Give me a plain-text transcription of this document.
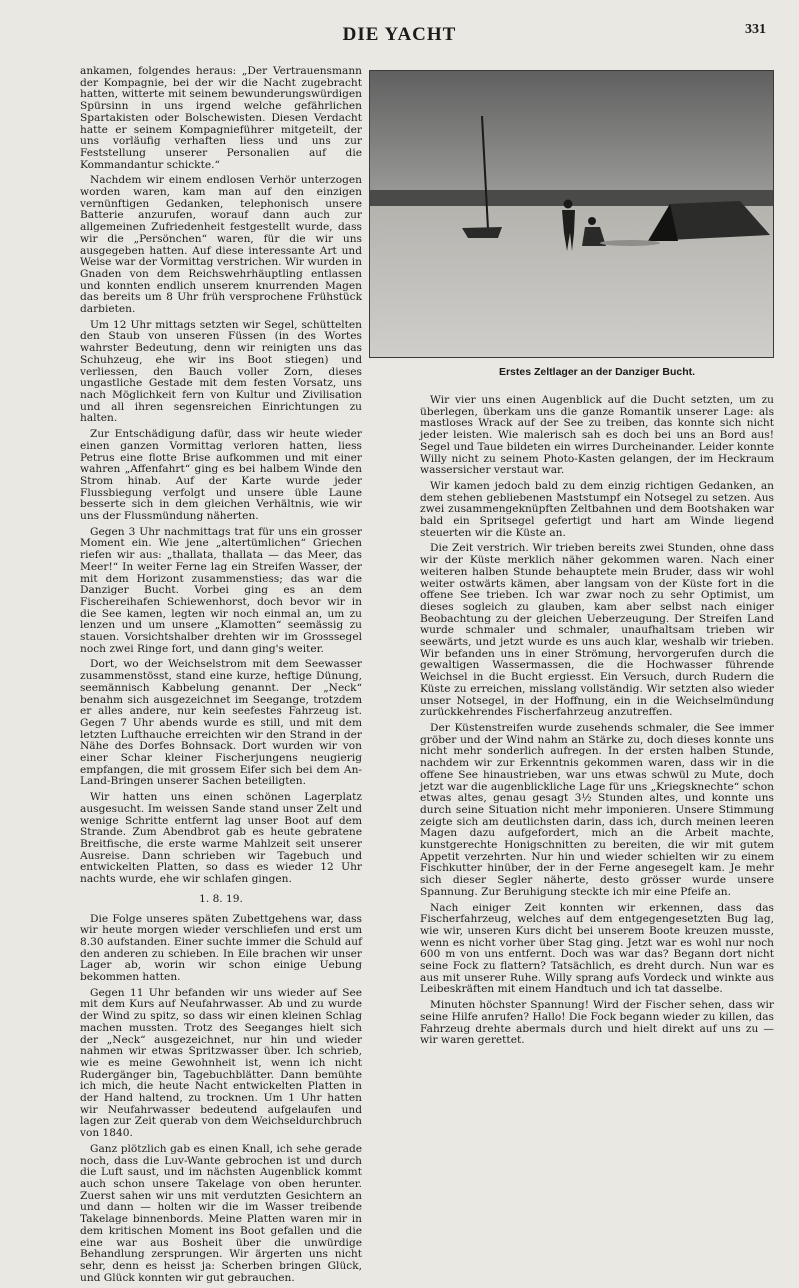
DIE YACHT	331

ankamen, folgendes heraus: „Der Vertrauensmann der Kompagnie, bei der wir die Nacht zugebracht hatten, witterte mit seinem bewunderungswürdigen Spürsinn in uns irgend welche gefährlichen Spartakisten oder Bolschewisten. Diesen Verdacht hatte er seinem Kompagnieführer mitgeteilt, der uns vorläufig verhaften liess und uns zur Feststellung unserer Personalien auf die Kommandantur schickte.“

Nachdem wir einem endlosen Verhör unterzogen worden waren, kam man auf den einzigen vernünftigen Gedanken, telephonisch unsere Batterie anzurufen, worauf dann auch zur allgemeinen Zufriedenheit festgestellt wurde, dass wir die „Persönchen“ waren, für die wir uns ausgegeben hatten. Auf diese interessante Art und Weise war der Vormittag verstrichen. Wir wurden in Gnaden von dem Reichswehrhäuptling entlassen und konnten endlich unserem knurrenden Magen das bereits um 8 Uhr früh versprochene Frühstück darbieten.

Um 12 Uhr mittags setzten wir Segel, schüttelten den Staub von unseren Füssen (in des Wortes wahrster Bedeutung, denn wir reinigten uns das Schuhzeug, ehe wir ins Boot stiegen) und verliessen, den Bauch voller Zorn, dieses ungastliche Gestade mit dem festen Vorsatz, uns nach Möglichkeit fern von Kultur und Zivilisation und all ihren segensreichen Einrichtungen zu halten.

Zur Entschädigung dafür, dass wir heute wieder einen ganzen Vormittag verloren hatten, liess Petrus eine flotte Brise aufkommen und mit einer wahren „Affenfahrt“ ging es bei halbem Winde den Strom hinab. Auf der Karte wurde jeder Flussbiegung verfolgt und unsere üble Laune besserte sich in dem gleichen Verhältnis, wie wir uns der Flussmündung näherten.

Gegen 3 Uhr nachmittags trat für uns ein grosser Moment ein. Wie jene „altertümlichen“ Griechen riefen wir aus: „thallata, thallata — das Meer, das Meer!“ In weiter Ferne lag ein Streifen Wasser, der mit dem Horizont zusammenstiess; das war die Danziger Bucht. Vorbei ging es an dem Fischereihafen Schiewenhorst, doch bevor wir in die See kamen, legten wir noch einmal an, um zu lenzen und um unsere „Klamotten“ seemässig zu stauen. Vorsichtshalber drehten wir im Grosssegel noch zwei Ringe fort, und dann ging's weiter.

Dort, wo der Weichselstrom mit dem Seewasser zusammenstösst, stand eine kurze, heftige Dünung, seemännisch Kabbelung genannt. Der „Neck“ benahm sich ausgezeichnet im Seegange, trotzdem er alles andere, nur kein seefestes Fahrzeug ist. Gegen 7 Uhr abends wurde es still, und mit dem letzten Lufthauche erreichten wir den Strand in der Nähe des Dorfes Bohnsack. Dort wurden wir von einer Schar kleiner Fischerjungens neugierig empfangen, die mit grossem Eifer sich bei dem An-Land-Bringen unserer Sachen beteiligten.

Wir hatten uns einen schönen Lagerplatz ausgesucht. Im weissen Sande stand unser Zelt und wenige Schritte entfernt lag unser Boot auf dem Strande. Zum Abendbrot gab es heute gebratene Breitfische, die erste warme Mahlzeit seit unserer Ausreise. Dann schrieben wir Tagebuch und entwickelten Platten, so dass es wieder 12 Uhr nachts wurde, ehe wir schlafen gingen.

1. 8. 19.

Die Folge unseres späten Zubettgehens war, dass wir heute morgen wieder verschliefen und erst um 8.30 aufstanden. Einer suchte immer die Schuld auf den anderen zu schieben. In Eile brachen wir unser Lager ab, worin wir schon einige Uebung bekommen hatten.

Gegen 11 Uhr befanden wir uns wieder auf See mit dem Kurs auf Neufahrwasser. Ab und zu wurde der Wind zu spitz, so dass wir einen kleinen Schlag machen mussten. Trotz des Seeganges hielt sich der „Neck“ ausgezeichnet, nur hin und wieder nahmen wir etwas Spritzwasser über. Ich schrieb, wie es meine Gewohnheit ist, wenn ich nicht Rudergänger bin, Tagebuchblätter. Dann bemühte ich mich, die heute Nacht entwickelten Platten in der Hand haltend, zu trocknen. Um 1 Uhr hatten wir Neufahrwasser bedeutend aufgelaufen und lagen zur Zeit querab von dem Weichseldurchbruch von 1840.

Ganz plötzlich gab es einen Knall, ich sehe gerade noch, dass die Luv-Wante gebrochen ist und durch die Luft saust, und im nächsten Augenblick kommt auch schon unsere Takelage von oben herunter. Zuerst sahen wir uns mit verdutzten Gesichtern an und dann — holten wir die im Wasser treibende Takelage binnenbords. Meine Platten waren mir in dem kritischen Moment ins Boot gefallen und die eine war aus Bosheit über die unwürdige Behandlung zersprungen. Wir ärgerten uns nicht sehr, denn es heisst ja: Scherben bringen Glück, und Glück konnten wir gut gebrauchen.

Erstes Zeltlager an der Danziger Bucht.

Wir vier uns einen Augenblick auf die Ducht setzten, um zu überlegen, überkam uns die ganze Romantik unserer Lage: als mastloses Wrack auf der See zu treiben, das konnte sich nicht jeder leisten. Wie malerisch sah es doch bei uns an Bord aus! Segel und Taue bildeten ein wirres Durcheinander. Leider konnte Willy nicht zu seinem Photo-Kasten gelangen, der im Heckraum wassersicher verstaut war.

Wir kamen jedoch bald zu dem einzig richtigen Gedanken, an dem stehen gebliebenen Maststumpf ein Notsegel zu setzen. Aus zwei zusammengeknüpften Zeltbahnen und dem Bootshaken war bald ein Spritsegel gefertigt und hart am Winde liegend steuerten wir die Küste an.

Die Zeit verstrich. Wir trieben bereits zwei Stunden, ohne dass wir der Küste merklich näher gekommen waren. Nach einer weiteren halben Stunde behauptete mein Bruder, dass wir wohl weiter ostwärts kämen, aber langsam von der Küste fort in die offene See trieben. Ich war zwar noch zu sehr Optimist, um dieses sogleich zu glauben, kam aber selbst nach einiger Beobachtung zu der gleichen Ueberzeugung. Der Streifen Land wurde schmaler und schmaler, unaufhaltsam trieben wir seewärts, und jetzt wurde es uns auch klar, weshalb wir trieben. Wir befanden uns in einer Strömung, hervorgerufen durch die gewaltigen Wassermassen, die die Hochwasser führende Weichsel in die Bucht ergiesst. Ein Versuch, durch Rudern die Küste zu erreichen, misslang vollständig. Wir setzten also wieder unser Notsegel, in der Hoffnung, ein in die Weichselmündung zurückkehrendes Fischerfahrzeug anzutreffen.

Der Küstenstreifen wurde zusehends schmaler, die See immer gröber und der Wind nahm an Stärke zu, doch dieses konnte uns nicht mehr sonderlich aufregen. In der ersten halben Stunde, nachdem wir zur Erkenntnis gekommen waren, dass wir in die offene See hinaustrieben, war uns etwas schwül zu Mute, doch jetzt war die augenblickliche Lage für uns „Kriegsknechte“ schon etwas altes, genau gesagt 3½ Stunden altes, und konnte uns durch seine Situation nicht mehr imponieren. Unsere Stimmung zeigte sich am deutlichsten darin, dass ich, durch meinen leeren Magen dazu aufgefordert, mich an die Arbeit machte, kunstgerechte Honigschnitten zu bereiten, die wir mit gutem Appetit verzehrten. Nur hin und wieder schielten wir zu einem Fischkutter hinüber, der in der Ferne angesegelt kam. Je mehr sich dieser Segler näherte, desto grösser wurde unsere Spannung. Zur Beruhigung steckte ich mir eine Pfeife an.

Nach einiger Zeit konnten wir erkennen, dass das Fischerfahrzeug, welches auf dem entgegengesetzten Bug lag, wie wir, unseren Kurs dicht bei unserem Boote kreuzen musste, wenn es nicht vorher über Stag ging. Jetzt war es wohl nur noch 600 m von uns entfernt. Doch was war das? Begann dort nicht seine Fock zu flattern? Tatsächlich, es dreht durch. Nun war es aus mit unserer Ruhe. Willy sprang aufs Vordeck und winkte aus Leibeskräften mit einem Handtuch und ich tat dasselbe.

Minuten höchster Spannung! Wird der Fischer sehen, dass wir seine Hilfe anrufen? Hallo! Die Fock begann wieder zu killen, das Fahrzeug drehte abermals durch und hielt direkt auf uns zu — wir waren gerettet.
